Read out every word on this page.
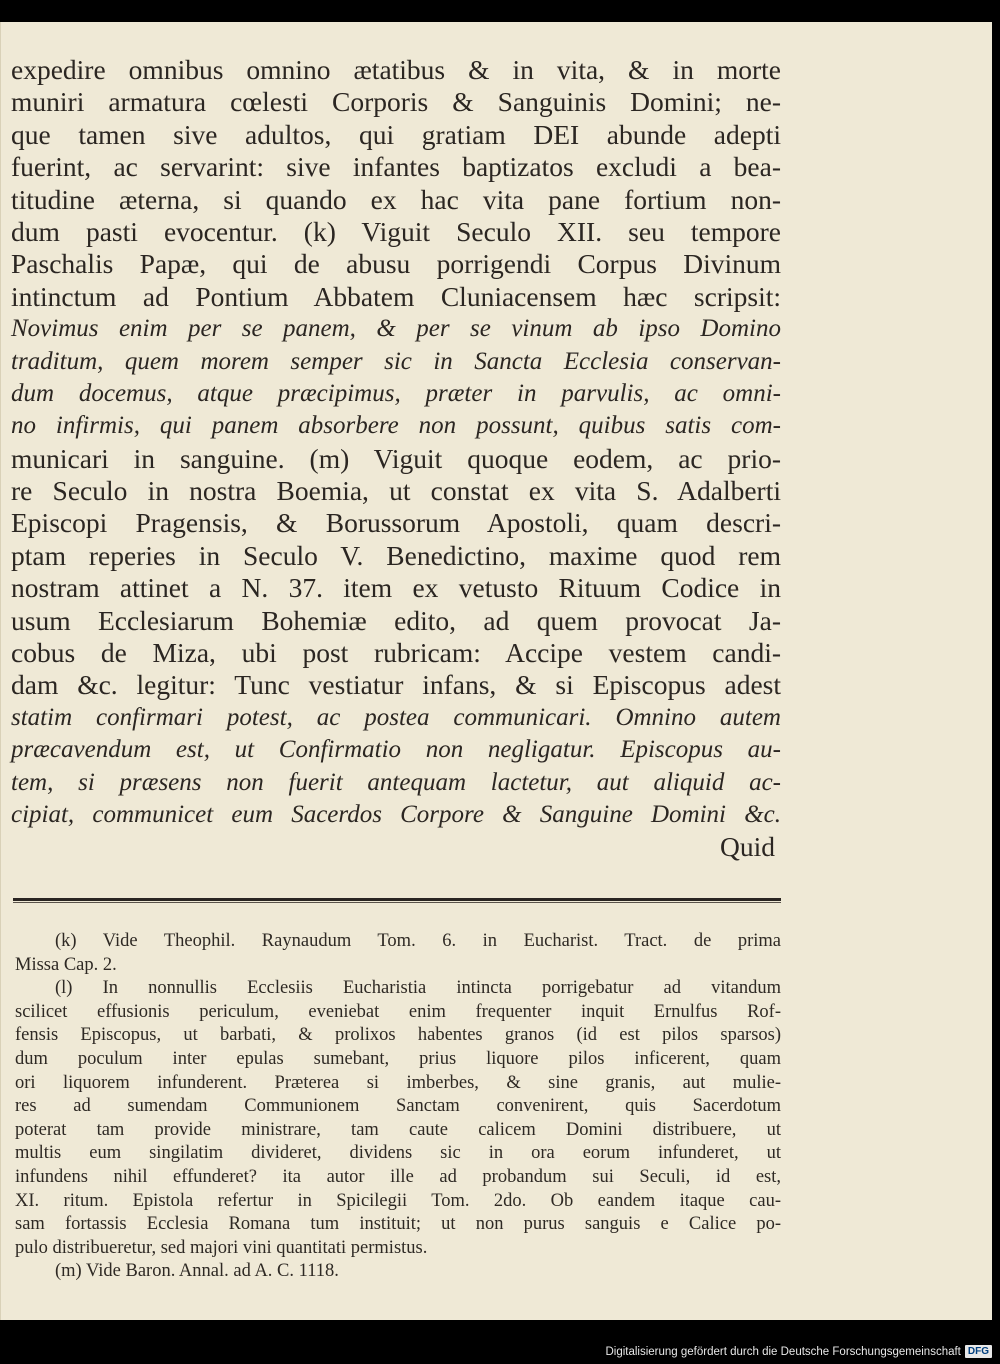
expedire omnibus omnino ætatibus & in vita, & in morte
muniri armatura cœlesti Corporis & Sanguinis Domini; ne-
que tamen sive adultos, qui gratiam DEI abunde adepti
fuerint, ac servarint: sive infantes baptizatos excludi a bea-
titudine æterna, si quando ex hac vita pane fortium non-
dum pasti evocentur. (k) Viguit Seculo XII. seu tempore
Paschalis Papæ, qui de abusu porrigendi Corpus Divinum
intinctum ad Pontium Abbatem Cluniacensem hæc scripsit:
Novimus enim per se panem, & per se vinum ab ipso Domino
traditum, quem morem semper sic in Sancta Ecclesia conservan-
dum docemus, atque præcipimus, præter in parvulis, ac omni-
no infirmis, qui panem absorbere non possunt, quibus satis com-
municari in sanguine. (m) Viguit quoque eodem, ac prio-
re Seculo in nostra Boemia, ut constat ex vita S. Adalberti
Episcopi Pragensis, & Borussorum Apostoli, quam descri-
ptam reperies in Seculo V. Benedictino, maxime quod rem
nostram attinet a N. 37. item ex vetusto Rituum Codice in
usum Ecclesiarum Bohemiæ edito, ad quem provocat Ja-
cobus de Miza, ubi post rubricam: Accipe vestem candi-
dam &c. legitur: Tunc vestiatur infans, & si Episcopus adest
statim confirmari potest, ac postea communicari. Omnino autem
præcavendum est, ut Confirmatio non negligatur. Episcopus au-
tem, si præsens non fuerit antequam lactetur, aut aliquid ac-
cipiat, communicet eum Sacerdos Corpore & Sanguine Domini &c.
Quid
(k) Vide Theophil. Raynaudum Tom. 6. in Eucharist. Tract. de prima
Missa Cap. 2.
(l) In nonnullis Ecclesiis Eucharistia intincta porrigebatur ad vitandum
scilicet effusionis periculum, eveniebat enim frequenter inquit Ernulfus Rof-
fensis Episcopus, ut barbati, & prolixos habentes granos (id est pilos sparsos)
dum poculum inter epulas sumebant, prius liquore pilos inficerent, quam
ori liquorem infunderent. Præterea si imberbes, & sine granis, aut mulie-
res ad sumendam Communionem Sanctam convenirent, quis Sacerdotum
poterat tam provide ministrare, tam caute calicem Domini distribuere, ut
multis eum singilatim divideret, dividens sic in ora eorum infunderet, ut
infundens nihil effunderet? ita autor ille ad probandum sui Seculi, id est,
XI. ritum. Epistola refertur in Spicilegii Tom. 2do. Ob eandem itaque cau-
sam fortassis Ecclesia Romana tum instituit; ut non purus sanguis e Calice po-
pulo distribueretur, sed majori vini quantitati permistus.
(m) Vide Baron. Annal. ad A. C. 1118.
Digitalisierung gefördert durch die Deutsche Forschungsgemeinschaft DFG
